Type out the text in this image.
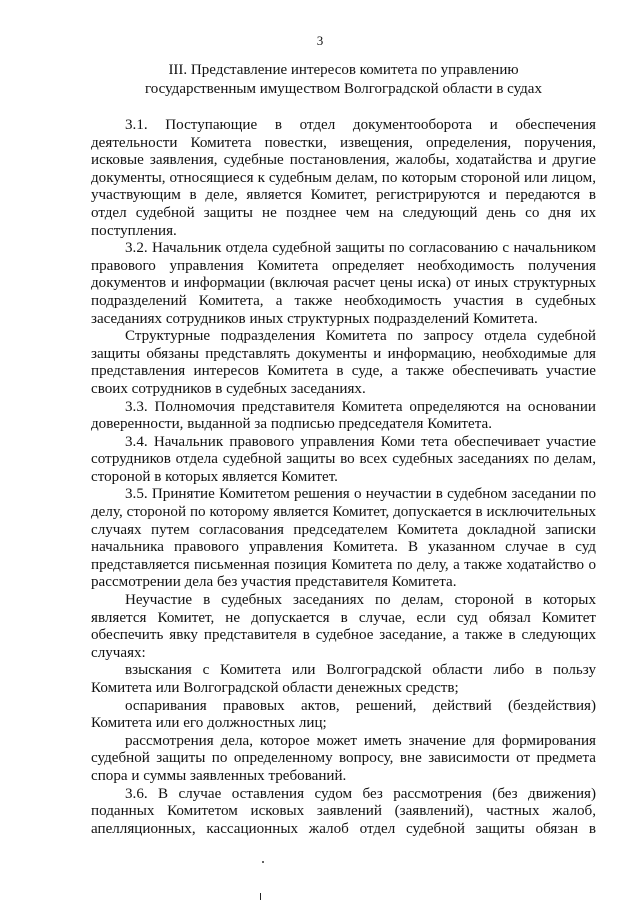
3
III. Представление интересов комитета по управлению
государственным имуществом Волгоградской области в судах

3.1. Поступающие в отдел документооборота и обеспечения деятельности Комитета повестки, извещения, определения, поручения, исковые заявления, судебные постановления, жалобы, ходатайства и другие документы, относящиеся к судебным делам, по которым стороной или лицом, участвующим в деле, является Комитет, регистрируются и передаются в отдел судебной защиты не позднее чем на следующий день со дня их поступления.

3.2. Начальник отдела судебной защиты по согласованию с начальником правового управления Комитета определяет необходимость получения документов и информации (включая расчет цены иска) от иных структурных подразделений Комитета, а также необходимость участия в судебных заседаниях сотрудников иных структурных подразделений Комитета.

Структурные подразделения Комитета по запросу отдела судебной защиты обязаны представлять документы и информацию, необходимые для представления интересов Комитета в суде, а также обеспечивать участие своих сотрудников в судебных заседаниях.

3.3. Полномочия представителя Комитета определяются на основании доверенности, выданной за подписью председателя Комитета.

3.4. Начальник правового управления Коми тета обеспечивает участие сотрудников отдела судебной защиты во всех судебных заседаниях по делам, стороной в которых является Комитет.

3.5. Принятие Комитетом решения о неучастии в судебном заседании по делу, стороной по которому является Комитет, допускается в исключительных случаях путем согласования председателем Комитета докладной записки начальника правового управления Комитета. В указанном случае в суд представляется письменная позиция Комитета по делу, а также ходатайство о рассмотрении дела без участия представителя Комитета.

Неучастие в судебных заседаниях по делам, стороной в которых является Комитет, не допускается в случае, если суд обязал Комитет обеспечить явку представителя в судебное заседание, а также в следующих случаях:

взыскания с Комитета или Волгоградской области либо в пользу Комитета или Волгоградской области денежных средств;

оспаривания правовых актов, решений, действий (бездействия) Комитета или его должностных лиц;

рассмотрения дела, которое может иметь значение для формирования судебной защиты по определенному вопросу, вне зависимости от предмета спора и суммы заявленных требований.

3.6. В случае оставления судом без рассмотрения (без движения) поданных Комитетом исковых заявлений (заявлений), частных жалоб, апелляционных, кассационных жалоб отдел судебной защиты обязан в
